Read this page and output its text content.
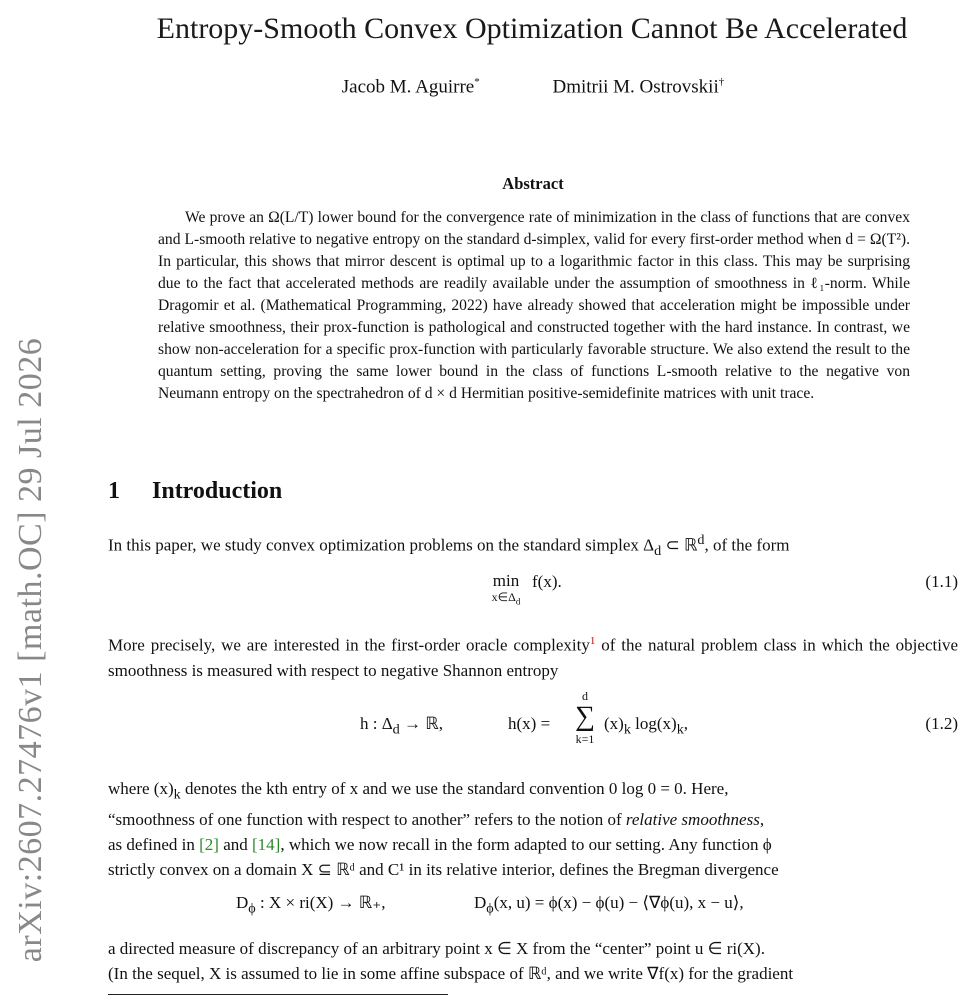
arXiv:2607.27476v1 [math.OC] 29 Jul 2026
Entropy-Smooth Convex Optimization Cannot Be Accelerated
Jacob M. Aguirre*	Dmitrii M. Ostrovskii†
Abstract
We prove an Ω(L/T) lower bound for the convergence rate of minimization in the class of functions that are convex and L-smooth relative to negative entropy on the standard d-simplex, valid for every first-order method when d = Ω(T²). In particular, this shows that mirror descent is optimal up to a logarithmic factor in this class. This may be surprising due to the fact that accelerated methods are readily available under the assumption of smoothness in ℓ₁-norm. While Dragomir et al. (Mathematical Programming, 2022) have already showed that acceleration might be impossible under relative smoothness, their prox-function is pathological and constructed together with the hard instance. In contrast, we show non-acceleration for a specific prox-function with particularly favorable structure. We also extend the result to the quantum setting, proving the same lower bound in the class of functions L-smooth relative to the negative von Neumann entropy on the spectrahedron of d × d Hermitian positive-semidefinite matrices with unit trace.
1 Introduction
In this paper, we study convex optimization problems on the standard simplex $\Delta_d$ ⊂ ℝ$^d$, of the form
min
$x\in\Delta_d$
f(x).	(1.1)
More precisely, we are interested in the first-order oracle complexity$^1$ of the natural problem class in which the objective smoothness is measured with respect to negative Shannon entropy
h : $\Delta_d$ → ℝ,	h(x) =
d
∑
k=1
$(x)_k$ $\log(x)_k$,	(1.2)
where $(x)_k$ denotes the kth entry of x and we use the standard convention 0 log 0 = 0. Here,
“smoothness of one function with respect to another” refers to the notion of relative smoothness,
as defined in [2] and [14], which we now recall in the form adapted to our setting. Any function ϕ
strictly convex on a domain X ⊆ ℝᵈ and C¹ in its relative interior, defines the Bregman divergence
$D_\phi$ : X × ri(X) → ℝ₊,	$D_\phi(x$, u) = ϕ(x) − ϕ(u) − ⟨∇ϕ(u), x − u⟩,
a directed measure of discrepancy of an arbitrary point x ∈ X from the “center” point u ∈ ri(X).
(In the sequel, X is assumed to lie in some affine subspace of ℝᵈ, and we write ∇f(x) for the gradient
